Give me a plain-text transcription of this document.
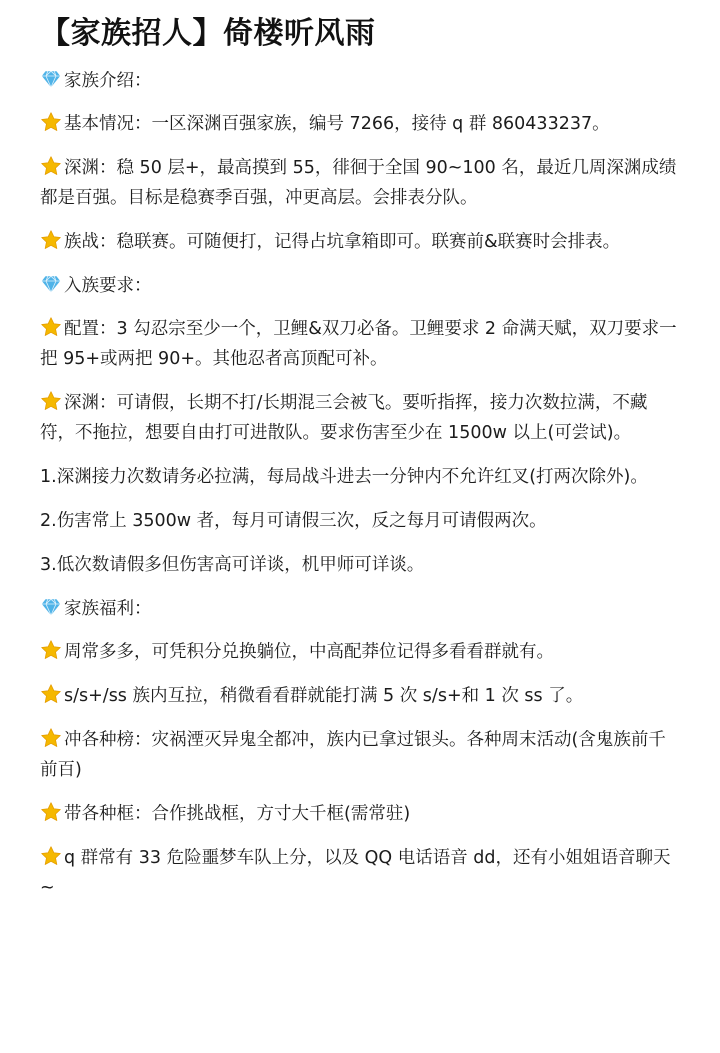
【家族招人】倚楼听风雨

家族介绍：

基本情况：一区深渊百强家族，编号 7266，接待 q 群 860433237。

深渊：稳 50 层+，最高摸到 55，徘徊于全国 90~100 名，最近几周深渊成绩都是百强。目标是稳赛季百强，冲更高层。会排表分队。

族战：稳联赛。可随便打，记得占坑拿箱即可。联赛前&联赛时会排表。

入族要求：

配置：3 勾忍宗至少一个，卫鲤&双刀必备。卫鲤要求 2 命满天赋，双刀要求一把 95+或两把 90+。其他忍者高顶配可补。

深渊：可请假，长期不打/长期混三会被飞。要听指挥，接力次数拉满，不藏符，不拖拉，想要自由打可进散队。要求伤害至少在 1500w 以上(可尝试)。

1.深渊接力次数请务必拉满，每局战斗进去一分钟内不允许红叉(打两次除外)。

2.伤害常上 3500w 者，每月可请假三次，反之每月可请假两次。

3.低次数请假多但伤害高可详谈，机甲师可详谈。

家族福利：

周常多多，可凭积分兑换躺位，中高配莽位记得多看看群就有。

s/s+/ss 族内互拉，稍微看看群就能打满 5 次 s/s+和 1 次 ss 了。

冲各种榜：灾祸湮灭异鬼全都冲，族内已拿过银头。各种周末活动(含鬼族前千前百)

带各种框：合作挑战框，方寸大千框(需常驻)

q 群常有 33 危险噩梦车队上分，以及 QQ 电话语音 dd，还有小姐姐语音聊天~
